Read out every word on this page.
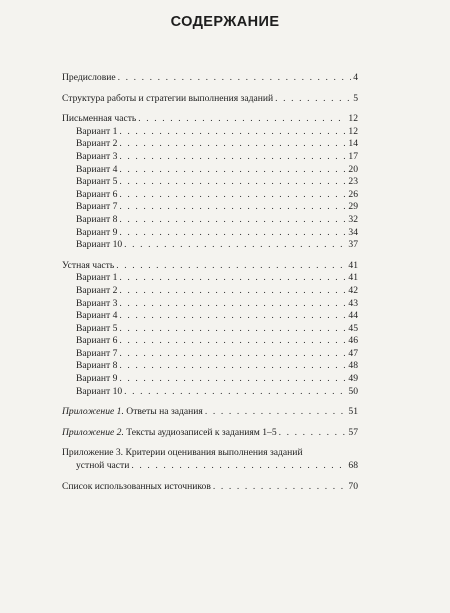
СОДЕРЖАНИЕ
Предисловие . . .	4
Структура работы и стратегии выполнения заданий . . .	5
Письменная часть . . .	12
Вариант 1 . . .	12
Вариант 2 . . .	14
Вариант 3 . . .	17
Вариант 4 . . .	20
Вариант 5 . . .	23
Вариант 6 . . .	26
Вариант 7 . . .	29
Вариант 8 . . .	32
Вариант 9 . . .	34
Вариант 10 . . .	37
Устная часть . . .	41
Вариант 1 . . .	41
Вариант 2 . . .	42
Вариант 3 . . .	43
Вариант 4 . . .	44
Вариант 5 . . .	45
Вариант 6 . . .	46
Вариант 7 . . .	47
Вариант 8 . . .	48
Вариант 9 . . .	49
Вариант 10 . . .	50
Приложение 1. Ответы на задания . . .	51
Приложение 2. Тексты аудиозаписей к заданиям 1–5 . . .	57
Приложение 3. Критерии оценивания выполнения заданий
устной части . . .	68
Список использованных источников . . .	70
